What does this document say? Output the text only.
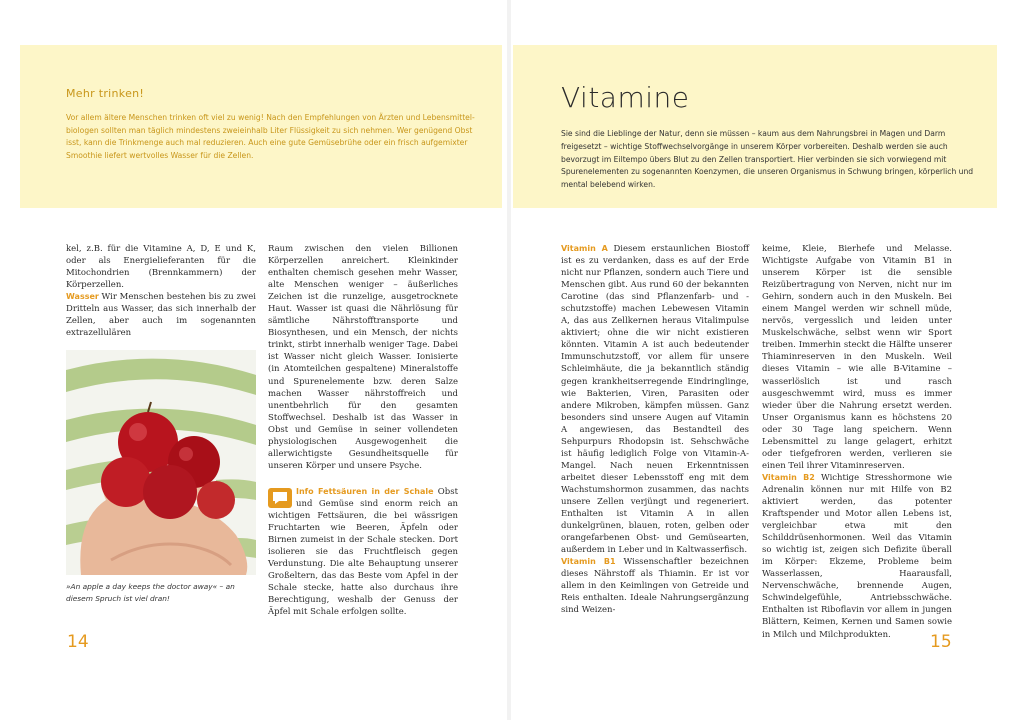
Mehr trinken!

Vor allem ältere Menschen trinken oft viel zu wenig! Nach den Empfehlungen von Ärzten und Lebensmittel-biologen sollten man täglich mindestens zweieinhalb Liter Flüssigkeit zu sich nehmen. Wer genügend Obst isst, kann die Trinkmenge auch mal reduzieren. Auch eine gute Gemüsebrühe oder ein frisch aufgemixter Smoothie liefert wertvolles Wasser für die Zellen.

kel, z.B. für die Vitamine A, D, E und K, oder als Energielieferanten für die Mitochondrien (Brennkammern) der Körperzellen.

Wasser Wir Menschen bestehen bis zu zwei Dritteln aus Wasser, das sich innerhalb der Zellen, aber auch im sogenannten extrazellulären

»An apple a day keeps the doctor away« – an diesem Spruch ist viel dran!

Raum zwischen den vielen Billionen Körperzellen anreichert. Kleinkinder enthalten chemisch gesehen mehr Wasser, alte Menschen weniger – äußerliches Zeichen ist die runzelige, ausgetrocknete Haut. Wasser ist quasi die Nährlösung für sämtliche Nährstofftransporte und Biosynthesen, und ein Mensch, der nichts trinkt, stirbt innerhalb weniger Tage. Dabei ist Wasser nicht gleich Wasser. Ionisierte (in Atomteilchen gespaltene) Mineralstoffe und Spurenelemente bzw. deren Salze machen Wasser nährstoffreich und unentbehrlich für den gesamten Stoffwechsel. Deshalb ist das Wasser in Obst und Gemüse in seiner vollendeten physiologischen Ausgewogenheit die allerwichtigste Gesundheitsquelle für unseren Körper und unsere Psyche.

Info Fettsäuren in der Schale Obst und Gemüse sind enorm reich an wichtigen Fettsäuren, die bei wässrigen Fruchtarten wie Beeren, Äpfeln oder Birnen zumeist in der Schale stecken. Dort isolieren sie das Fruchtfleisch gegen Verdunstung. Die alte Behauptung unserer Großeltern, das das Beste vom Apfel in der Schale stecke, hatte also durchaus ihre Berechtigung, weshalb der Genuss der Äpfel mit Schale erfolgen sollte.

14
Vitamine

Sie sind die Lieblinge der Natur, denn sie müssen – kaum aus dem Nahrungsbrei in Magen und Darm freigesetzt – wichtige Stoffwechselvorgänge in unserem Körper vorbereiten. Deshalb werden sie auch bevorzugt im Eiltempo übers Blut zu den Zellen transportiert. Hier verbinden sie sich vorwiegend mit Spurenelementen zu sogenannten Koenzymen, die unseren Organismus in Schwung bringen, körperlich und mental belebend wirken.

Vitamin A Diesem erstaunlichen Biostoff ist es zu verdanken, dass es auf der Erde nicht nur Pflanzen, sondern auch Tiere und Menschen gibt. Aus rund 60 der bekannten Carotine (das sind Pflanzenfarb- und -schutzstoffe) machen Lebewesen Vitamin A, das aus Zellkernen heraus Vitalimpulse aktiviert; ohne die wir nicht existieren könnten. Vitamin A ist auch bedeutender Immunschutzstoff, vor allem für unsere Schleimhäute, die ja bekanntlich ständig gegen krankheitserregende Eindringlinge, wie Bakterien, Viren, Parasiten oder andere Mikroben, kämpfen müssen. Ganz besonders sind unsere Augen auf Vitamin A angewiesen, das Bestandteil des Sehpurpurs Rhodopsin ist. Sehschwäche ist häufig lediglich Folge von Vitamin-A-Mangel. Nach neuen Erkenntnissen arbeitet dieser Lebensstoff eng mit dem Wachstumshormon zusammen, das nachts unsere Zellen verjüngt und regeneriert. Enthalten ist Vitamin A in allen dunkelgrünen, blauen, roten, gelben oder orangefarbenen Obst- und Gemüsearten, außerdem in Leber und in Kaltwasserfisch.

Vitamin B1 Wissenschaftler bezeichnen dieses Nährstoff als Thiamin. Er ist vor allem in den Keimlingen von Getreide und Reis enthalten. Ideale Nahrungsergänzung sind Weizen-

keime, Kleie, Bierhefe und Melasse. Wichtigste Aufgabe von Vitamin B1 in unserem Körper ist die sensible Reizübertragung von Nerven, nicht nur im Gehirn, sondern auch in den Muskeln. Bei einem Mangel werden wir schnell müde, nervös, vergesslich und leiden unter Muskelschwäche, selbst wenn wir Sport treiben. Immerhin steckt die Hälfte unserer Thiaminreserven in den Muskeln. Weil dieses Vitamin – wie alle B-Vitamine – wasserlöslich ist und rasch ausgeschwemmt wird, muss es immer wieder über die Nahrung ersetzt werden. Unser Organismus kann es höchstens 20 oder 30 Tage lang speichern. Wenn Lebensmittel zu lange gelagert, erhitzt oder tiefgefroren werden, verlieren sie einen Teil ihrer Vitaminreserven.

Vitamin B2 Wichtige Stresshormone wie Adrenalin können nur mit Hilfe von B2 aktiviert werden, das potenter Kraftspender und Motor allen Lebens ist, vergleichbar etwa mit den Schilddrüsenhormonen. Weil das Vitamin so wichtig ist, zeigen sich Defizite überall im Körper: Ekzeme, Probleme beim Wasserlassen, Haarausfall, Nervenschwäche, brennende Augen, Schwindelgefühle, Antriebsschwäche. Enthalten ist Riboflavin vor allem in jungen Blättern, Keimen, Kernen und Samen sowie in Milch und Milchprodukten.	15
